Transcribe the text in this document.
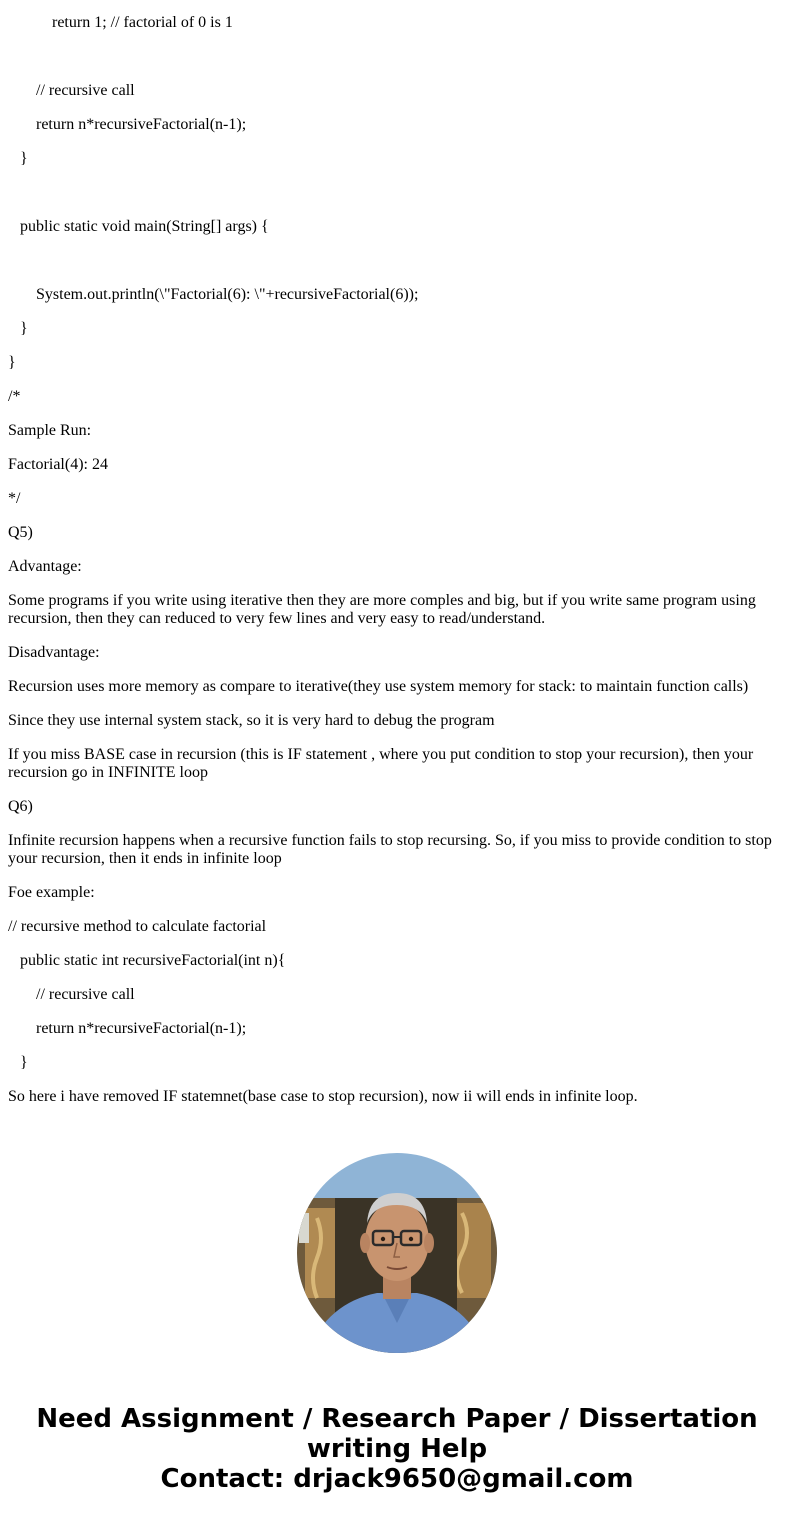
return 1; // factorial of 0 is 1

// recursive call

return n*recursiveFactorial(n-1);

}

public static void main(String[] args) {

System.out.println(\"Factorial(6): \"+recursiveFactorial(6));

}

}

/*

Sample Run:

Factorial(4): 24

*/

Q5)

Advantage:

Some programs if you write using iterative then they are more comples and big, but if you write same program using recursion, then they can reduced to very few lines and very easy to read/understand.

Disadvantage:

Recursion uses more memory as compare to iterative(they use system memory for stack: to maintain function calls)

Since they use internal system stack, so it is very hard to debug the program

If you miss BASE case in recursion (this is IF statement , where you put condition to stop your recursion), then your recursion go in INFINITE loop

Q6)

Infinite recursion happens when a recursive function fails to stop recursing. So, if you miss to provide condition to stop your recursion, then it ends in infinite loop

Foe example:

// recursive method to calculate factorial

public static int recursiveFactorial(int n){

// recursive call

return n*recursiveFactorial(n-1);

}

So here i have removed IF statemnet(base case to stop recursion), now ii will ends in infinite loop.

Need Assignment / Research Paper / Dissertation
writing Help
Contact: drjack9650@gmail.com
